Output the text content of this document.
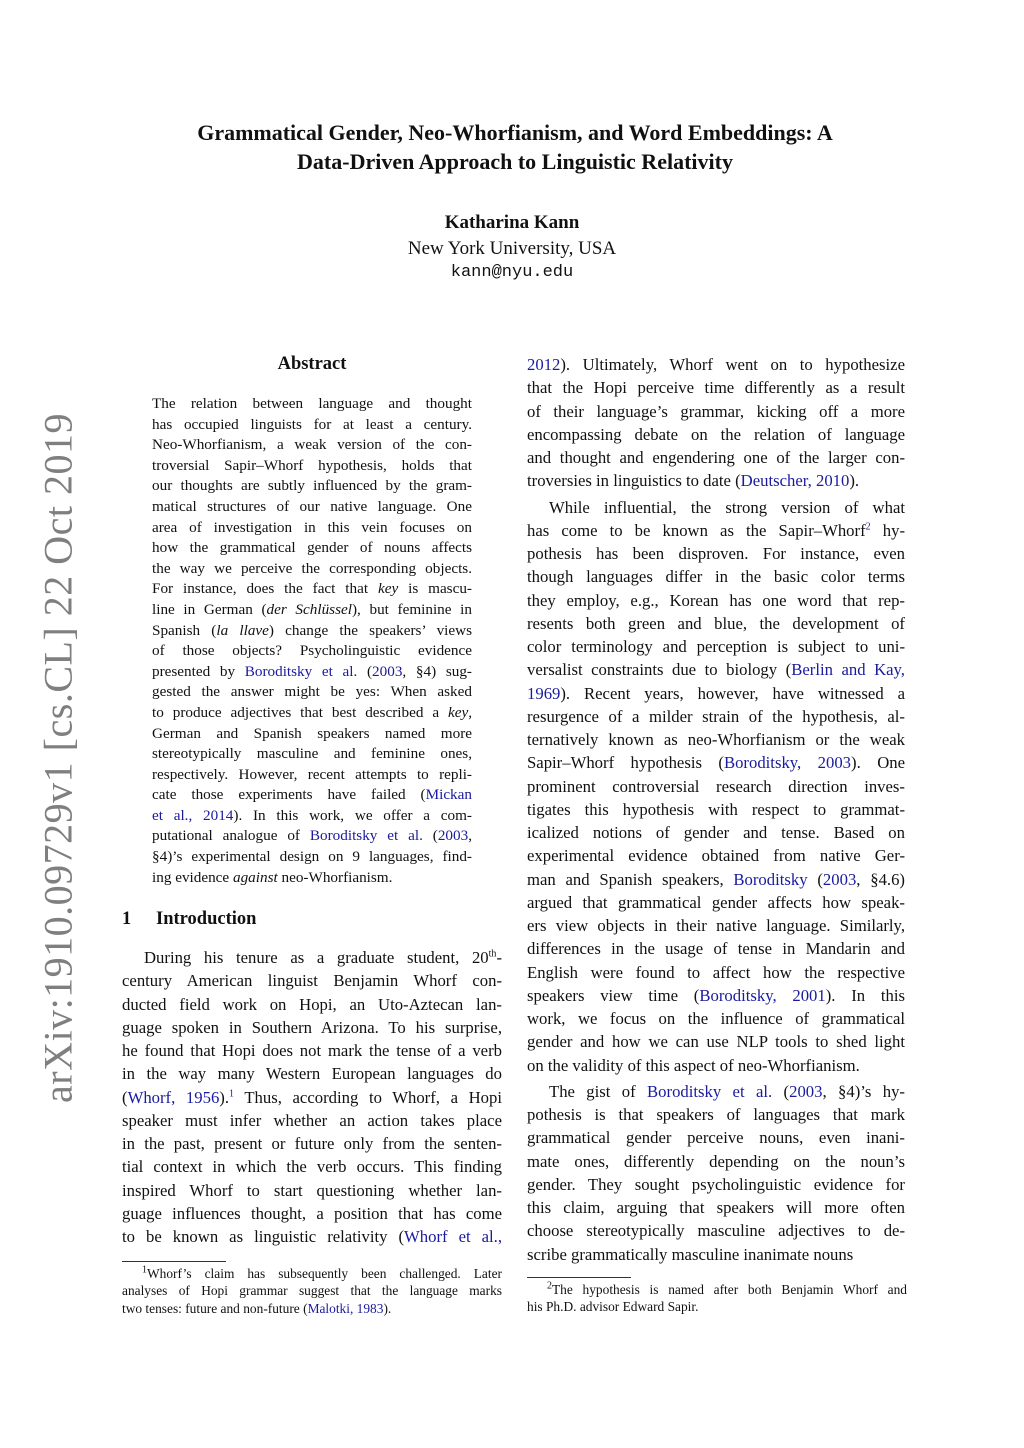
arXiv:1910.09729v1 [cs.CL] 22 Oct 2019
Grammatical Gender, Neo-Whorfianism, and Word Embeddings: A
Data-Driven Approach to Linguistic Relativity
Katharina Kann
New York University, USA
kann@nyu.edu
Abstract
The relation between language and thought
has occupied linguists for at least a century.
Neo-Whorfianism, a weak version of the con-
troversial Sapir–Whorf hypothesis, holds that
our thoughts are subtly influenced by the gram-
matical structures of our native language. One
area of investigation in this vein focuses on
how the grammatical gender of nouns affects
the way we perceive the corresponding objects.
For instance, does the fact that key is mascu-
line in German (der Schlüssel), but feminine in
Spanish (la llave) change the speakers’ views
of those objects? Psycholinguistic evidence
presented by Boroditsky et al. (2003, §4) sug-
gested the answer might be yes: When asked
to produce adjectives that best described a key,
German and Spanish speakers named more
stereotypically masculine and feminine ones,
respectively. However, recent attempts to repli-
cate those experiments have failed (Mickan
et al., 2014). In this work, we offer a com-
putational analogue of Boroditsky et al. (2003,
§4)’s experimental design on 9 languages, find-
ing evidence against neo-Whorfianism.
1 Introduction
During his tenure as a graduate student, 20th-
century American linguist Benjamin Whorf con-
ducted field work on Hopi, an Uto-Aztecan lan-
guage spoken in Southern Arizona. To his surprise,
he found that Hopi does not mark the tense of a verb
in the way many Western European languages do
(Whorf, 1956).$^1$ Thus, according to Whorf, a Hopi
speaker must infer whether an action takes place
in the past, present or future only from the senten-
tial context in which the verb occurs. This finding
inspired Whorf to start questioning whether lan-
guage influences thought, a position that has come
to be known as linguistic relativity (Whorf et al.,
2012). Ultimately, Whorf went on to hypothesize
that the Hopi perceive time differently as a result
of their language’s grammar, kicking off a more
encompassing debate on the relation of language
and thought and engendering one of the larger con-
troversies in linguistics to date (Deutscher, 2010).
While influential, the strong version of what
has come to be known as the Sapir–Whorf$^2$ hy-
pothesis has been disproven. For instance, even
though languages differ in the basic color terms
they employ, e.g., Korean has one word that rep-
resents both green and blue, the development of
color terminology and perception is subject to uni-
versalist constraints due to biology (Berlin and Kay,
1969). Recent years, however, have witnessed a
resurgence of a milder strain of the hypothesis, al-
ternatively known as neo-Whorfianism or the weak
Sapir–Whorf hypothesis (Boroditsky, 2003). One
prominent controversial research direction inves-
tigates this hypothesis with respect to grammat-
icalized notions of gender and tense. Based on
experimental evidence obtained from native Ger-
man and Spanish speakers, Boroditsky (2003, §4.6)
argued that grammatical gender affects how speak-
ers view objects in their native language. Similarly,
differences in the usage of tense in Mandarin and
English were found to affect how the respective
speakers view time (Boroditsky, 2001). In this
work, we focus on the influence of grammatical
gender and how we can use NLP tools to shed light
on the validity of this aspect of neo-Whorfianism.
The gist of Boroditsky et al. (2003, §4)’s hy-
pothesis is that speakers of languages that mark
grammatical gender perceive nouns, even inani-
mate ones, differently depending on the noun’s
gender. They sought psycholinguistic evidence for
this claim, arguing that speakers will more often
choose stereotypically masculine adjectives to de-
scribe grammatically masculine inanimate nouns
$^1$Whorf’s claim has subsequently been challenged. Later
analyses of Hopi grammar suggest that the language marks
two tenses: future and non-future (Malotki, 1983).
$^2$The hypothesis is named after both Benjamin Whorf and
his Ph.D. advisor Edward Sapir.
